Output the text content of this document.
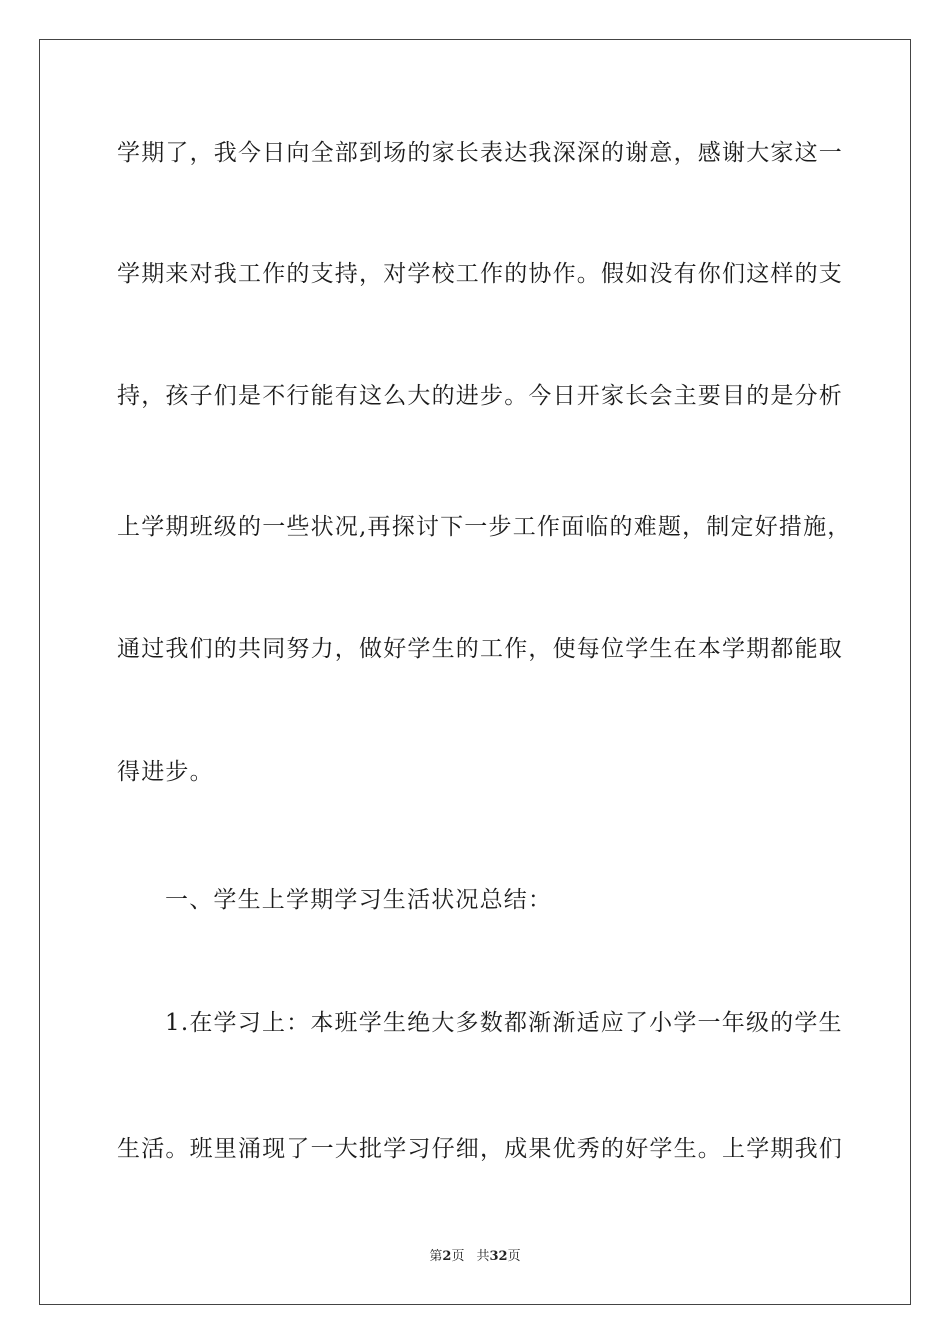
学期了，我今日向全部到场的家长表达我深深的谢意，感谢大家这一
学期来对我工作的支持，对学校工作的协作。假如没有你们这样的支
持，孩子们是不行能有这么大的进步。今日开家长会主要目的是分析
上学期班级的一些状况,再探讨下一步工作面临的难题，制定好措施，
通过我们的共同努力，做好学生的工作，使每位学生在本学期都能取
得进步。
一、学生上学期学习生活状况总结：
1.在学习上：本班学生绝大多数都渐渐适应了小学一年级的学生
生活。班里涌现了一大批学习仔细，成果优秀的好学生。上学期我们
第2页 共32页
